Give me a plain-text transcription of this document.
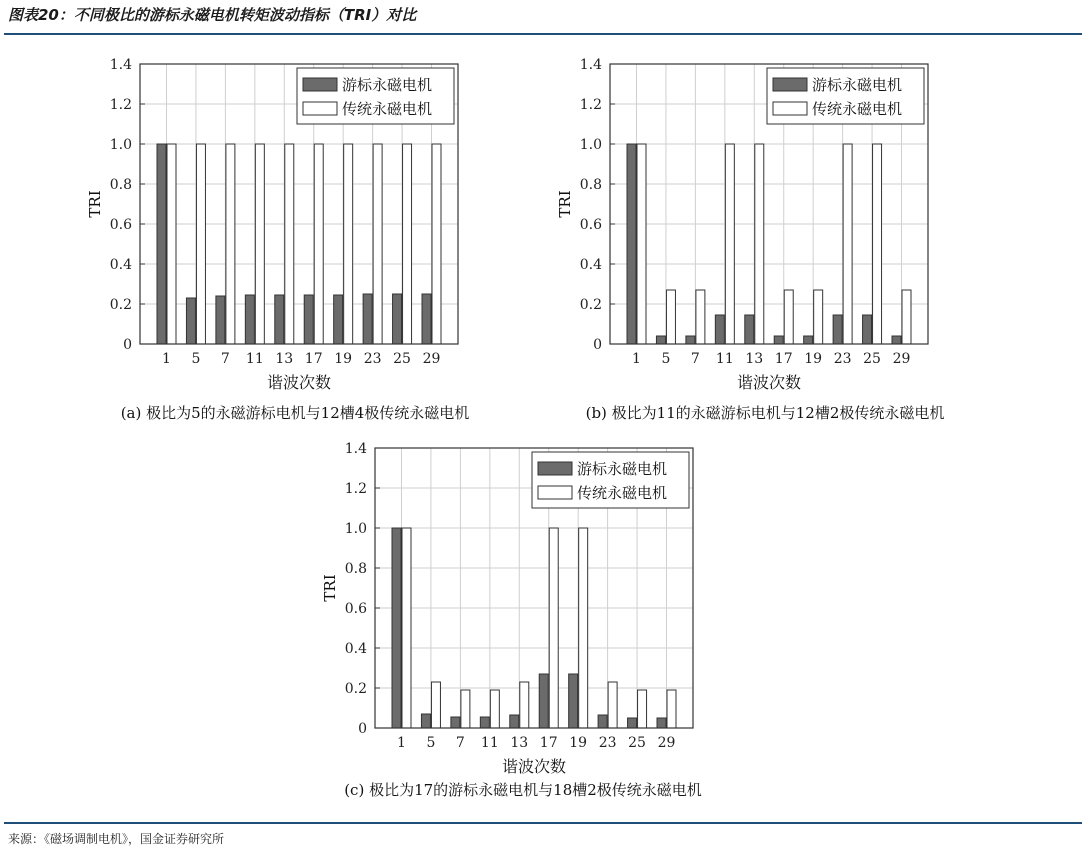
图表20：不同极比的游标永磁电机转矩波动指标（TRI）对比
0
0.2
0.4
0.6
0.8
1.0
1.2
1.4
1 5 7 11 13 17 19 23 25 29
谐波次数
TRI
游标永磁电机
传统永磁电机
(a) 极比为5的永磁游标电机与12槽4极传统永磁电机
0
0.2
0.4
0.6
0.8
1.0
1.2
1.4
1 5 7 11 13 17 19 23 25 29
谐波次数
TRI
游标永磁电机
传统永磁电机
(b) 极比为11的永磁游标电机与12槽2极传统永磁电机
0
0.2
0.4
0.6
0.8
1.0
1.2
1.4
1 5 7 11 13 17 19 23 25 29
谐波次数
TRI
游标永磁电机
传统永磁电机
(c) 极比为17的游标永磁电机与18槽2极传统永磁电机
来源：《磁场调制电机》，国金证券研究所
